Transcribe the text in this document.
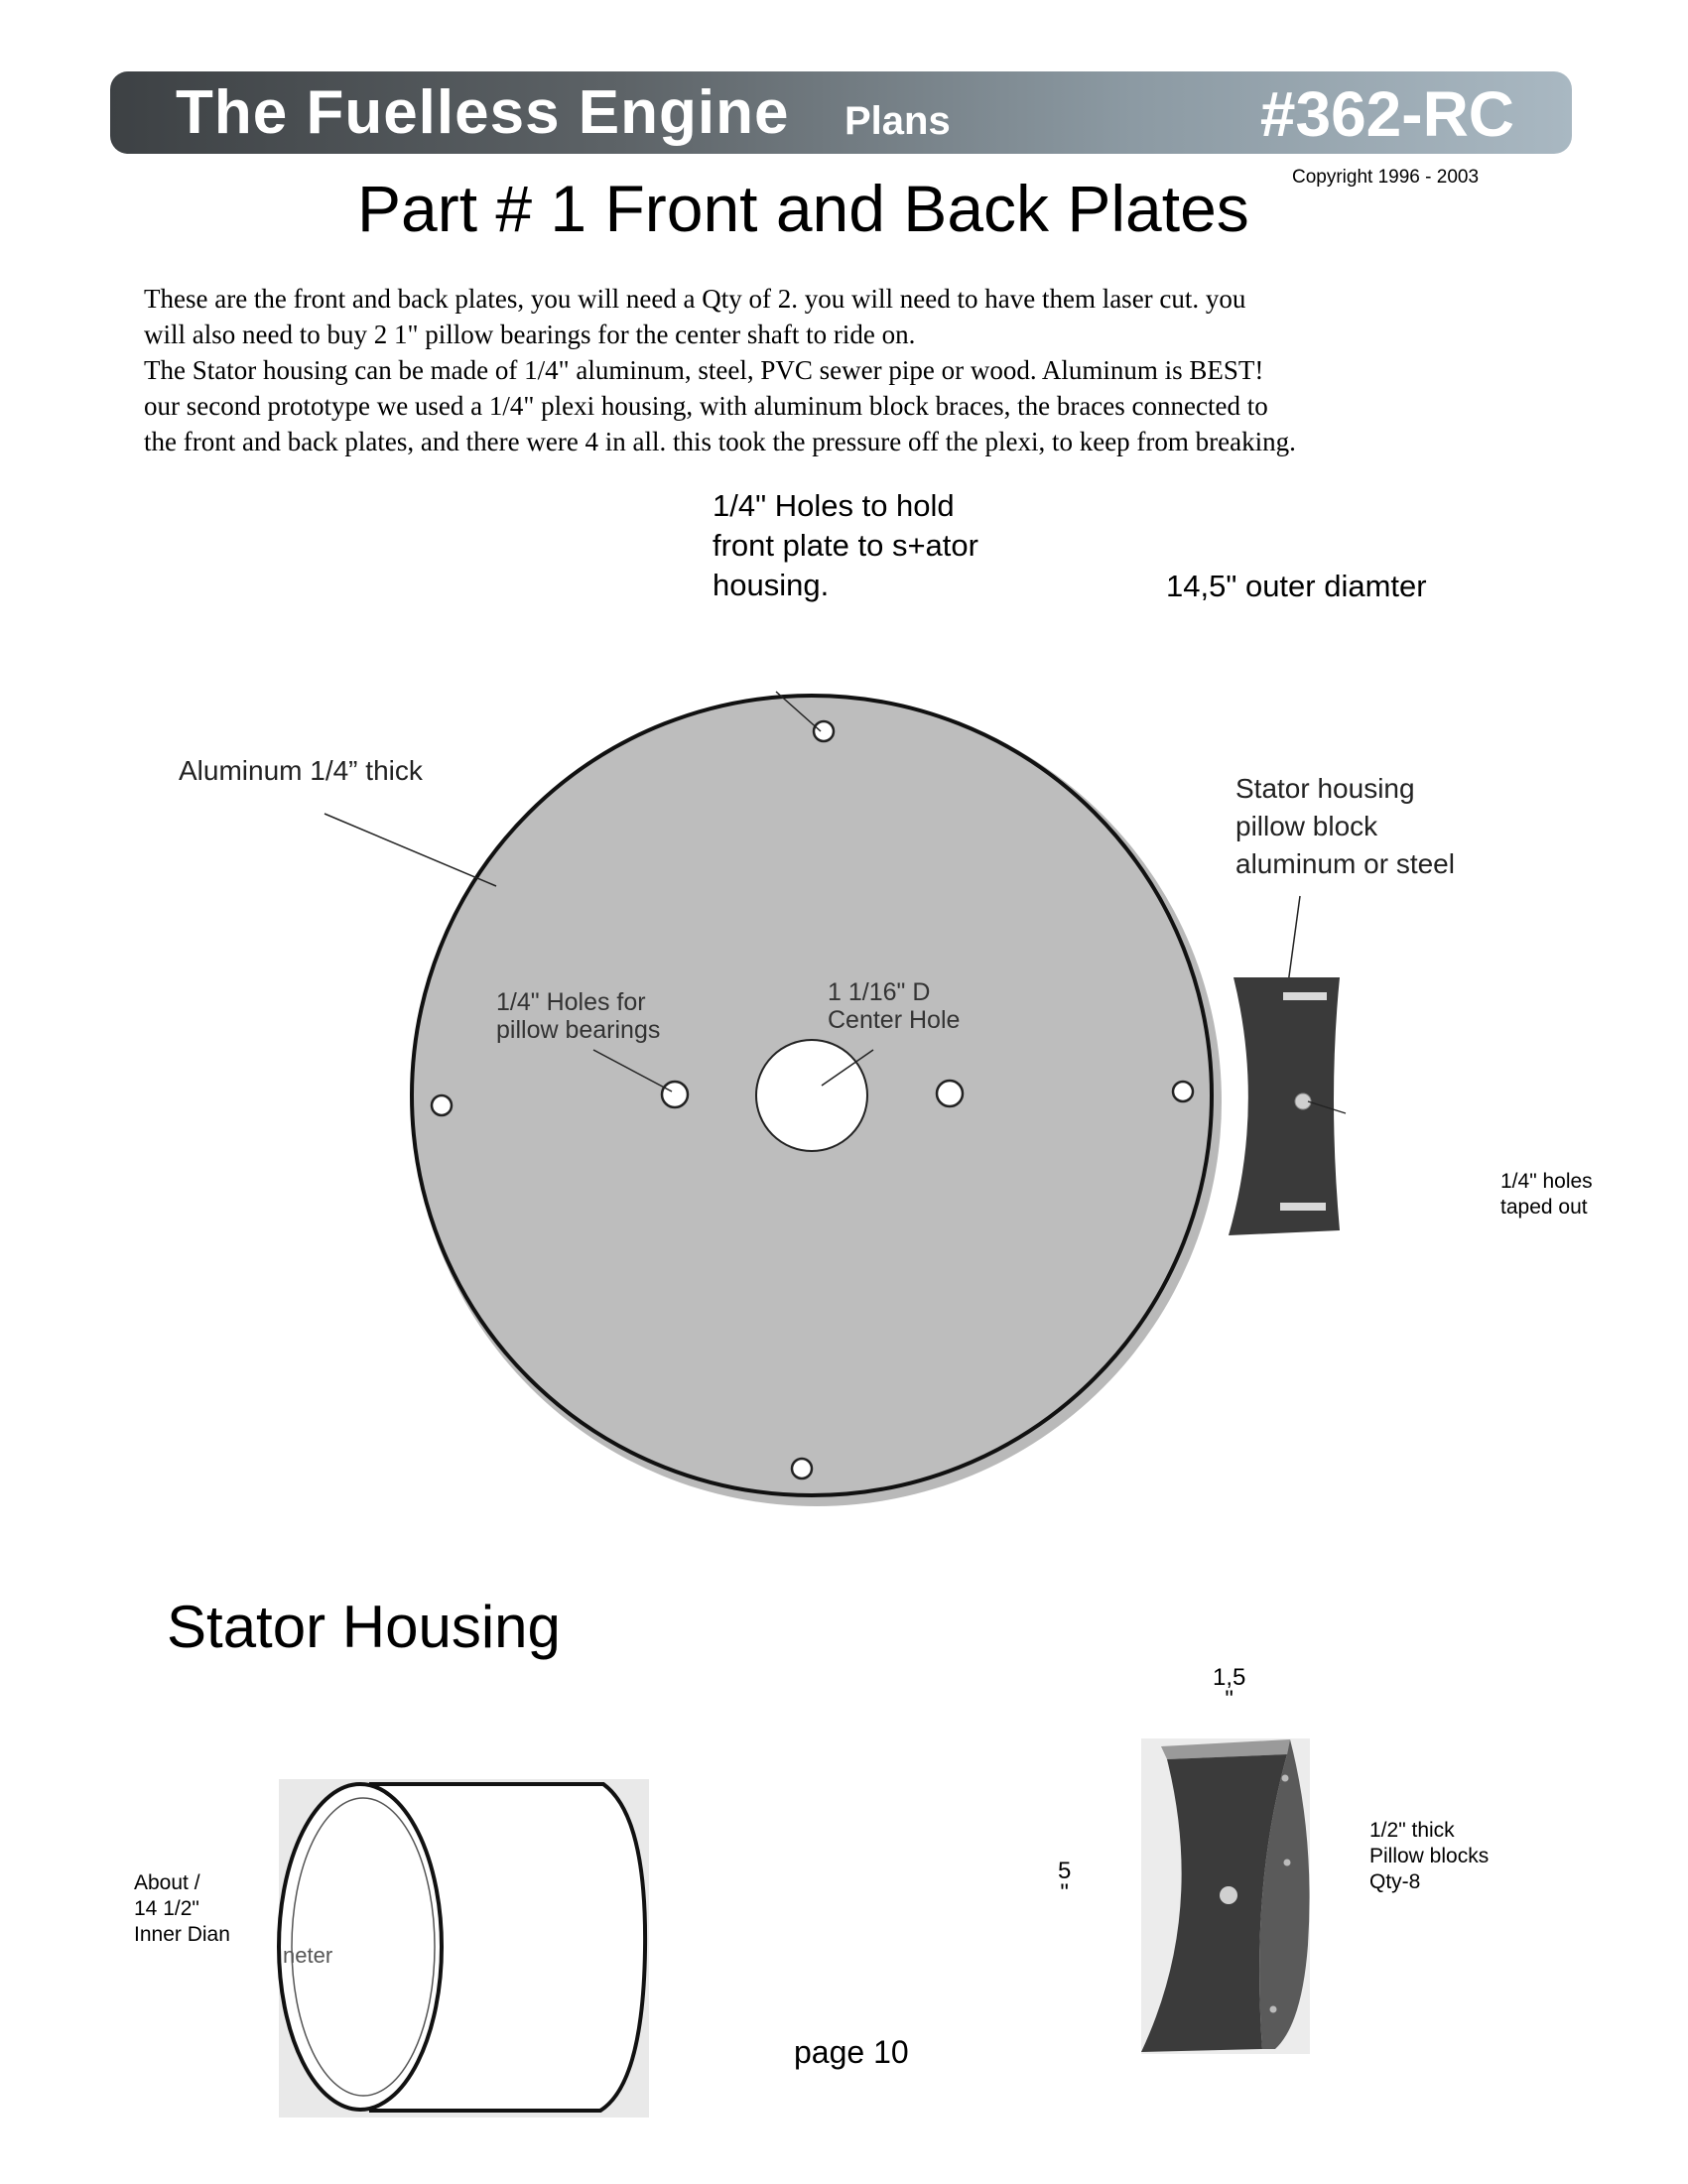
The Fuelless Engine Plans	#362-RC
Copyright 1996 - 2003
Part # 1 Front and Back Plates

These are the front and back plates, you will need a Qty of 2. you will need to have them laser cut. you

will also need to buy 2 1" pillow bearings for the center shaft to ride on.

The Stator housing can be made of 1/4" aluminum, steel, PVC sewer pipe or wood. Aluminum is BEST!

our second prototype we used a 1/4" plexi housing, with aluminum block braces, the braces connected to

the front and back plates, and there were 4 in all. this took the pressure off the plexi, to keep from breaking.

1/4" Holes to hold
front plate to s+ator
housing.	14,5" outer diamter
Aluminum 1/4” thick
1/4" Holes for
pillow bearings
1 1/16" D
Center Hole
Stator housing
pillow block
aluminum or steel
1/4" holes
taped out
Stator Housing
About /
14 1/2"
Inner Dian
neter
1,5
"
5
"
1/2" thick
Pillow blocks
Qty-8
page 10
